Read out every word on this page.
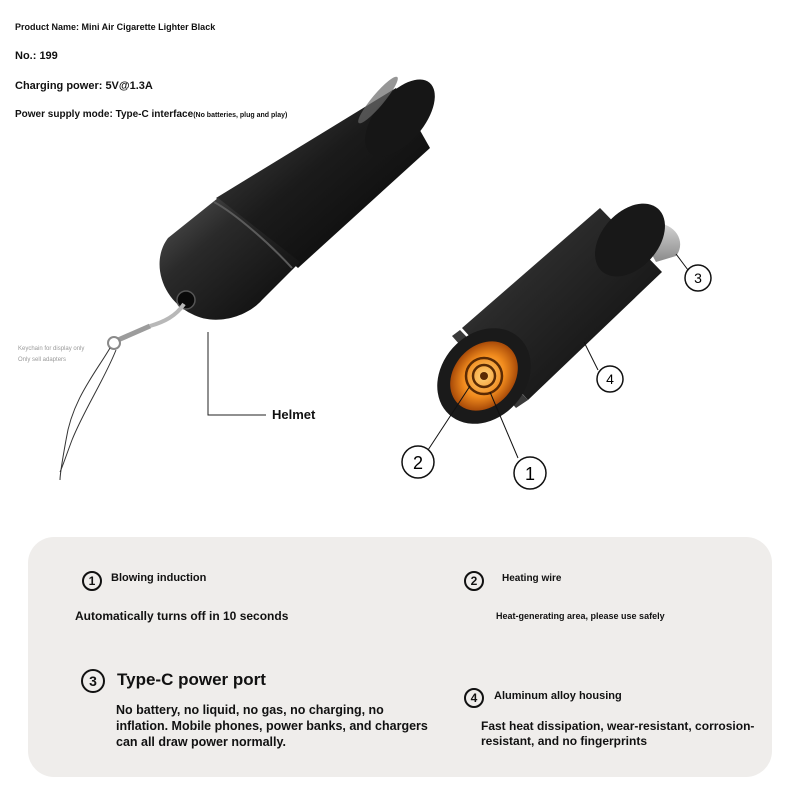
Product Name: Mini Air Cigarette Lighter Black
No.: 199
Charging power: 5V@1.3A
Power supply mode: Type-C interface(No batteries, plug and play)
3
4
2
1
Keychain for display only
Only sell adapters
Helmet
1	Blowing induction
Automatically turns off in 10 seconds
2	Heating wire
Heat-generating area, please use safely
3	Type-C power port
No battery, no liquid, no gas, no charging, no inflation. Mobile phones, power banks, and chargers can all draw power normally.
4	Aluminum alloy housing
Fast heat dissipation, wear-resistant, corrosion-resistant, and no fingerprints
